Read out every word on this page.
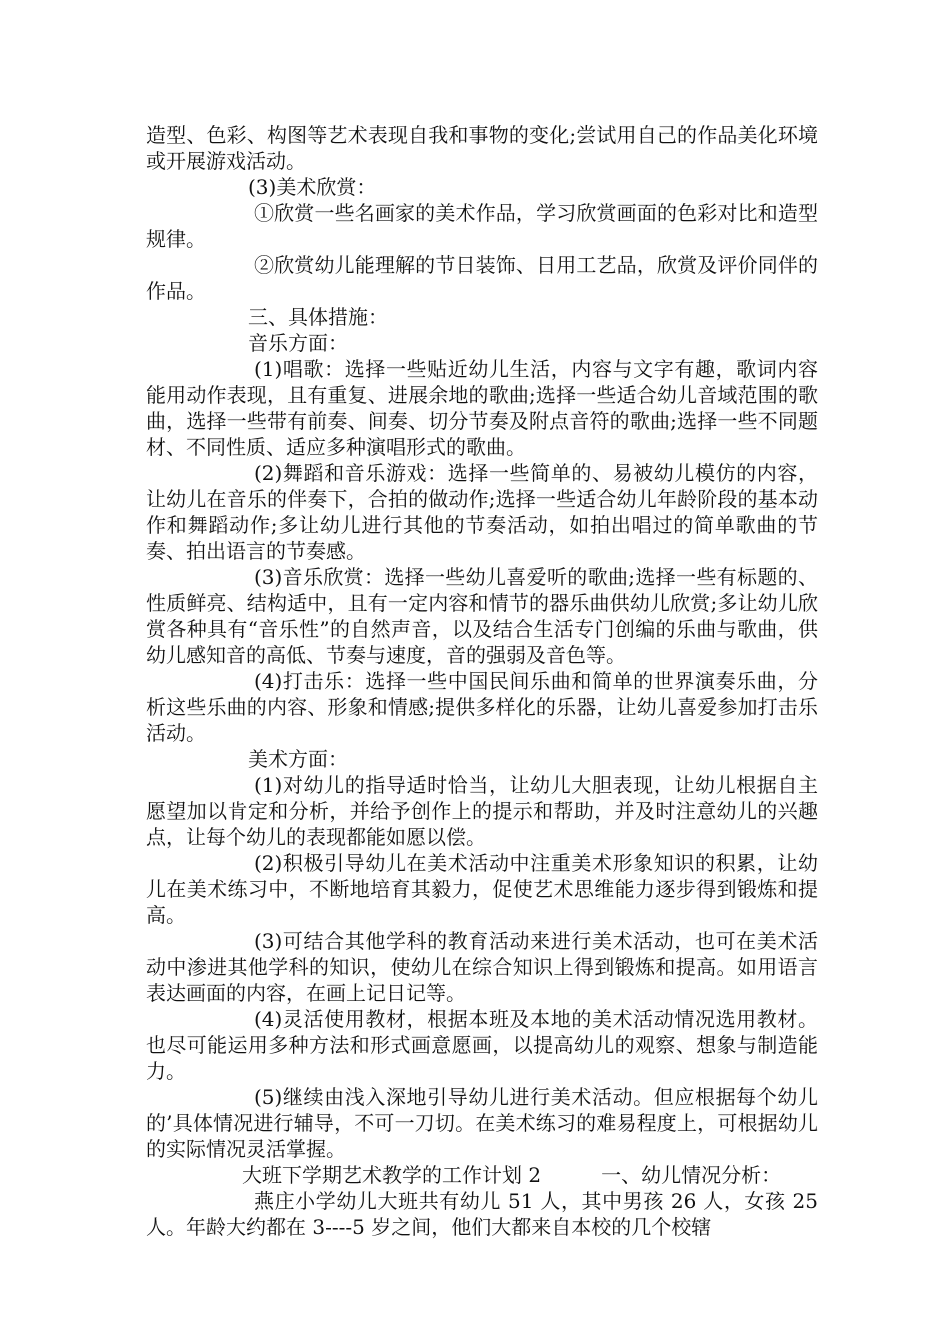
造型、色彩、构图等艺术表现自我和事物的变化;尝试用自己的作品美化环境或开展游戏活动。

(3)美术欣赏：

①欣赏一些名画家的美术作品，学习欣赏画面的色彩对比和造型规律。

②欣赏幼儿能理解的节日装饰、日用工艺品，欣赏及评价同伴的作品。

三、具体措施：

音乐方面：

(1)唱歌：选择一些贴近幼儿生活，内容与文字有趣，歌词内容能用动作表现，且有重复、进展余地的歌曲;选择一些适合幼儿音域范围的歌曲，选择一些带有前奏、间奏、切分节奏及附点音符的歌曲;选择一些不同题材、不同性质、适应多种演唱形式的歌曲。

(2)舞蹈和音乐游戏：选择一些简单的、易被幼儿模仿的内容，让幼儿在音乐的伴奏下，合拍的做动作;选择一些适合幼儿年龄阶段的基本动作和舞蹈动作;多让幼儿进行其他的节奏活动，如拍出唱过的简单歌曲的节奏、拍出语言的节奏感。

(3)音乐欣赏：选择一些幼儿喜爱听的歌曲;选择一些有标题的、性质鲜亮、结构适中，且有一定内容和情节的器乐曲供幼儿欣赏;多让幼儿欣赏各种具有“音乐性”的自然声音，以及结合生活专门创编的乐曲与歌曲，供幼儿感知音的高低、节奏与速度，音的强弱及音色等。

(4)打击乐：选择一些中国民间乐曲和简单的世界演奏乐曲，分析这些乐曲的内容、形象和情感;提供多样化的乐器，让幼儿喜爱参加打击乐活动。

美术方面：

(1)对幼儿的指导适时恰当，让幼儿大胆表现，让幼儿根据自主愿望加以肯定和分析，并给予创作上的提示和帮助，并及时注意幼儿的兴趣点，让每个幼儿的表现都能如愿以偿。

(2)积极引导幼儿在美术活动中注重美术形象知识的积累，让幼儿在美术练习中，不断地培育其毅力，促使艺术思维能力逐步得到锻炼和提高。

(3)可结合其他学科的教育活动来进行美术活动，也可在美术活动中渗进其他学科的知识，使幼儿在综合知识上得到锻炼和提高。如用语言表达画面的内容，在画上记日记等。

(4)灵活使用教材，根据本班及本地的美术活动情况选用教材。也尽可能运用多种方法和形式画意愿画，以提高幼儿的观察、想象与制造能力。

(5)继续由浅入深地引导幼儿进行美术活动。但应根据每个幼儿的’具体情况进行辅导，不可一刀切。在美术练习的难易程度上，可根据幼儿的实际情况灵活掌握。

大班下学期艺术教学的工作计划 2	一、幼儿情况分析：

燕庄小学幼儿大班共有幼儿 51 人，其中男孩 26 人，女孩 25 人。年龄大约都在 3----5 岁之间，他们大都来自本校的几个校辖
